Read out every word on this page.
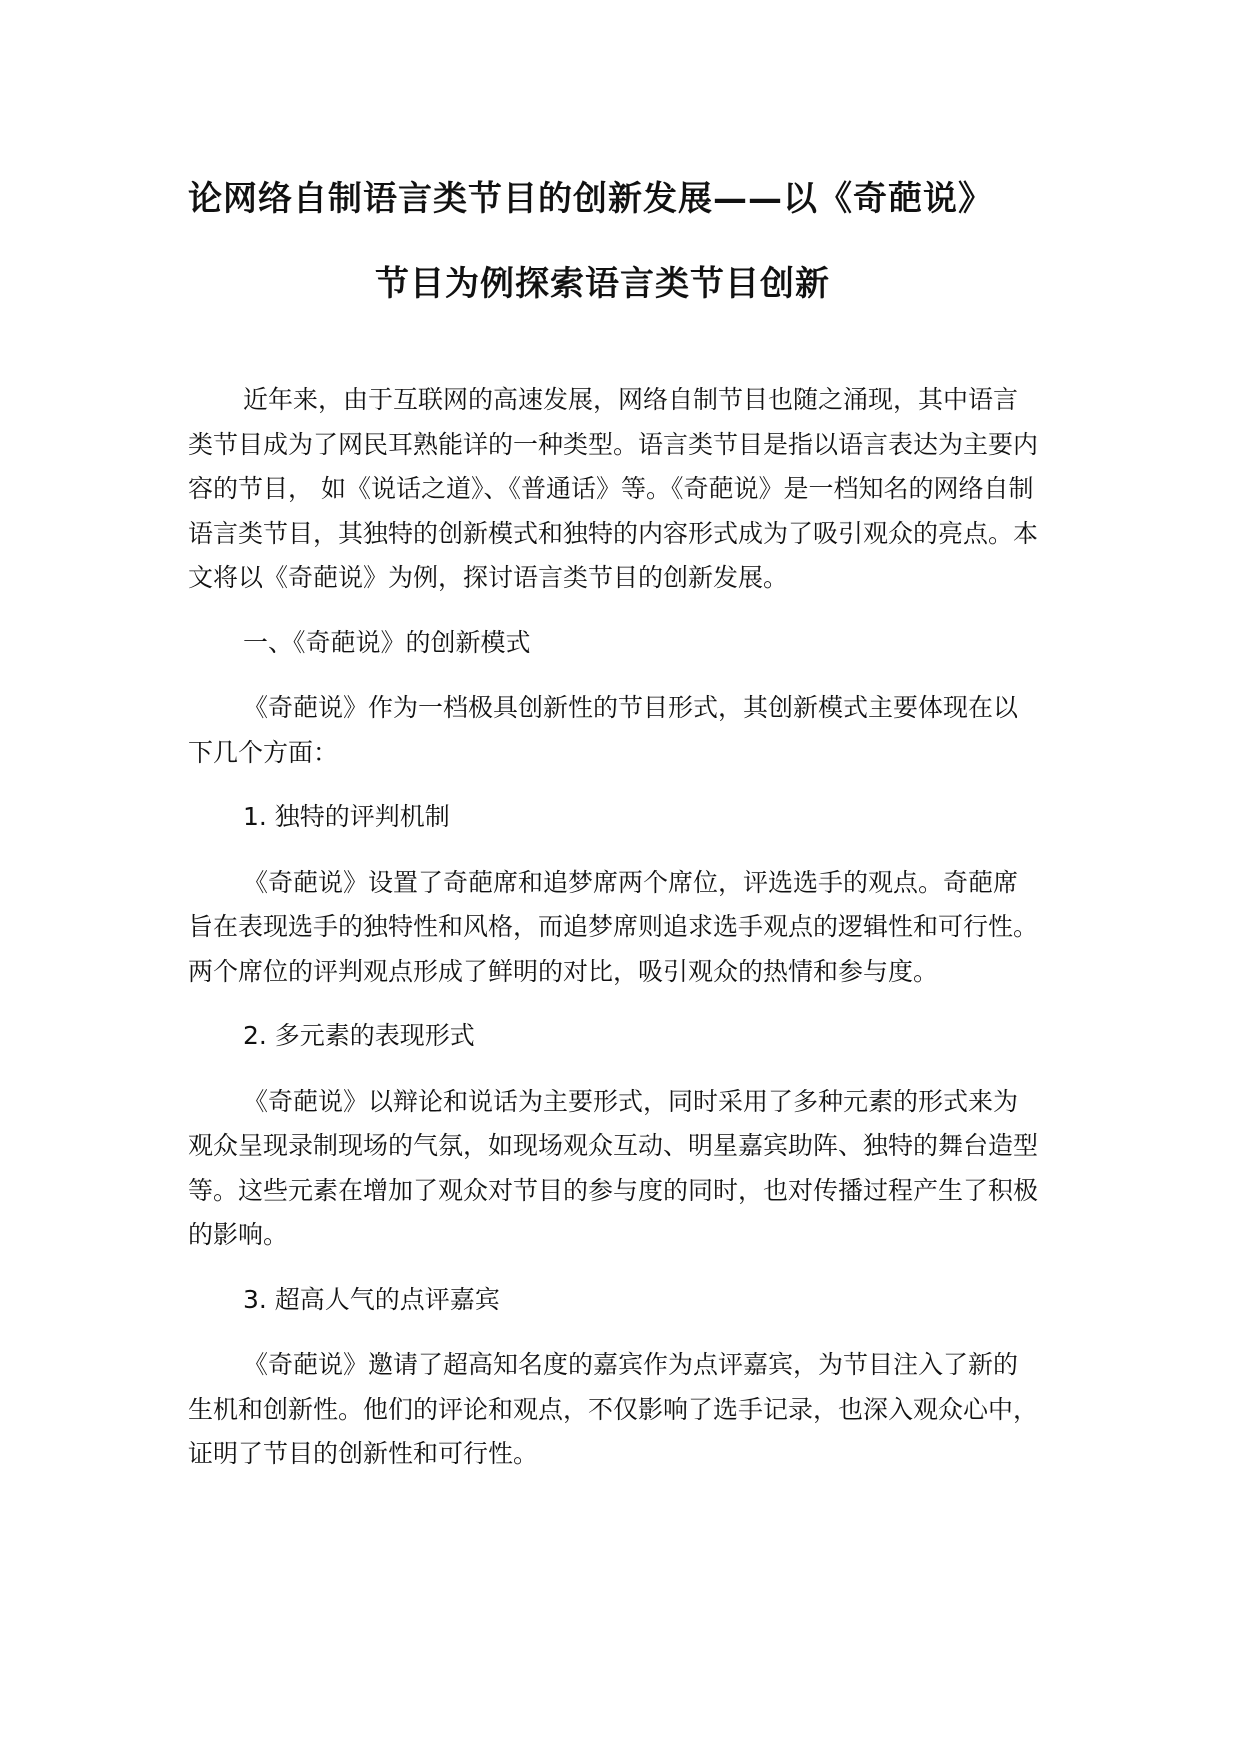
论网络自制语言类节目的创新发展——以《奇葩说》
节目为例探索语言类节目创新

近年来，由于互联网的高速发展，网络自制节目也随之涌现，其中语言类节目成为了网民耳熟能详的一种类型。语言类节目是指以语言表达为主要内容的节目， 如《说话之道》、《普通话》等。《奇葩说》是一档知名的网络自制语言类节目，其独特的创新模式和独特的内容形式成为了吸引观众的亮点。本文将以《奇葩说》为例，探讨语言类节目的创新发展。

一、《奇葩说》的创新模式

《奇葩说》作为一档极具创新性的节目形式，其创新模式主要体现在以下几个方面：

1. 独特的评判机制

《奇葩说》设置了奇葩席和追梦席两个席位，评选选手的观点。奇葩席旨在表现选手的独特性和风格，而追梦席则追求选手观点的逻辑性和可行性。两个席位的评判观点形成了鲜明的对比，吸引观众的热情和参与度。

2. 多元素的表现形式

《奇葩说》以辩论和说话为主要形式，同时采用了多种元素的形式来为观众呈现录制现场的气氛，如现场观众互动、明星嘉宾助阵、独特的舞台造型等。这些元素在增加了观众对节目的参与度的同时，也对传播过程产生了积极的影响。

3. 超高人气的点评嘉宾

《奇葩说》邀请了超高知名度的嘉宾作为点评嘉宾，为节目注入了新的生机和创新性。他们的评论和观点，不仅影响了选手记录，也深入观众心中，证明了节目的创新性和可行性。
